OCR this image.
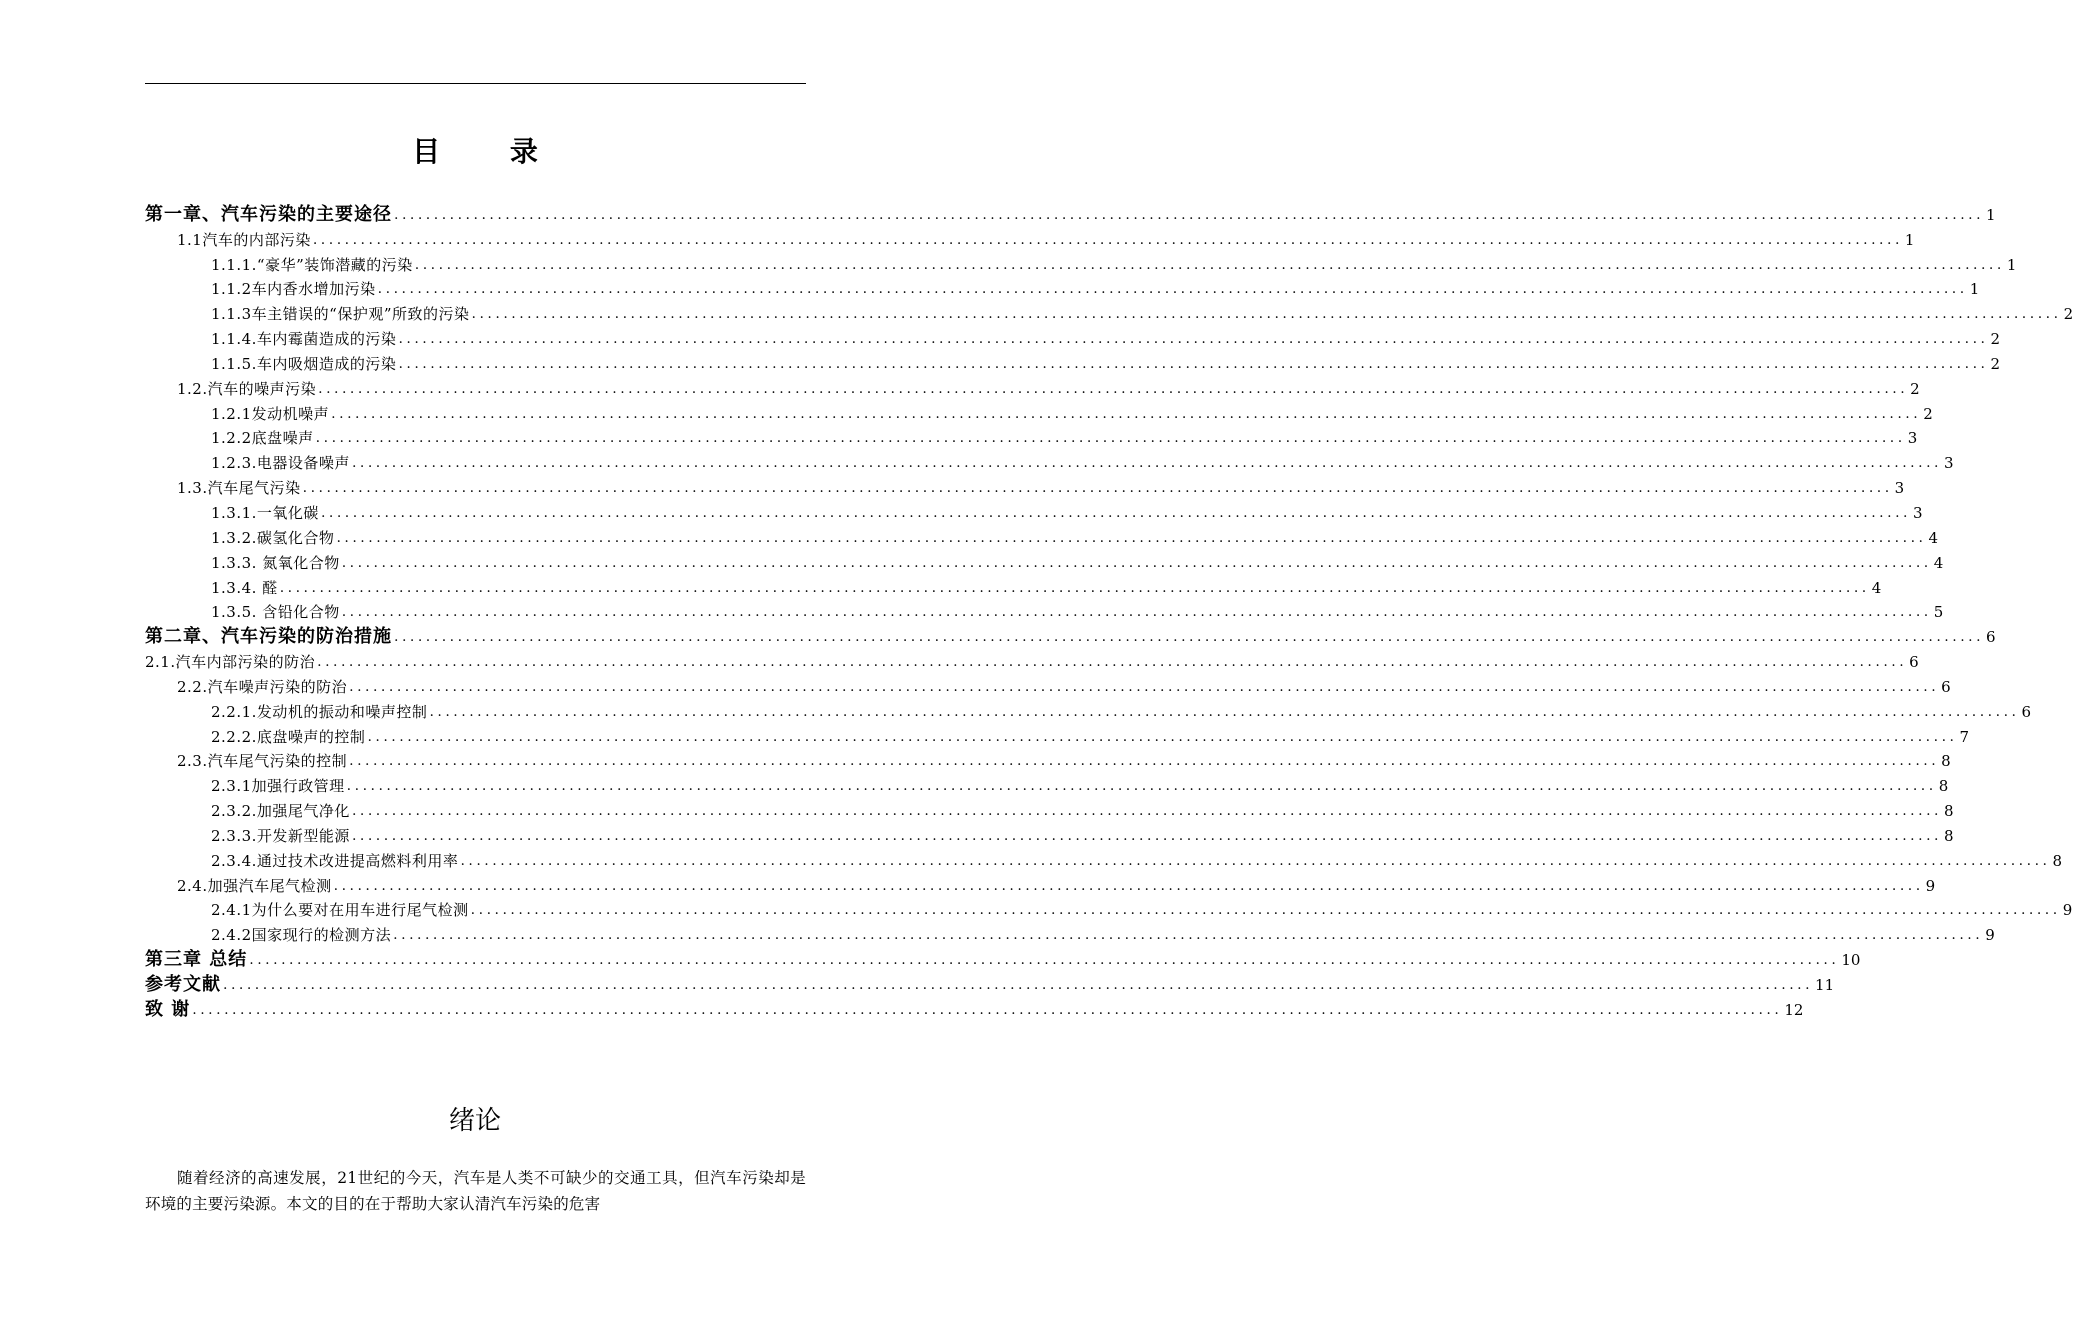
目 录
第一章、汽车污染的主要途径 ........................................................................................................................................................................................................ 1
1.1汽车的内部污染 ........................................................................................................................................................................................................ 1
1.1.1.“豪华”装饰潜藏的污染 ........................................................................................................................................................................................................ 1
1.1.2车内香水增加污染 ........................................................................................................................................................................................................ 1
1.1.3车主错误的“保护观”所致的污染 ........................................................................................................................................................................................................ 2
1.1.4.车内霉菌造成的污染 ........................................................................................................................................................................................................ 2
1.1.5.车内吸烟造成的污染 ........................................................................................................................................................................................................ 2
1.2.汽车的噪声污染 ........................................................................................................................................................................................................ 2
1.2.1发动机噪声 ........................................................................................................................................................................................................ 2
1.2.2底盘噪声 ........................................................................................................................................................................................................ 3
1.2.3.电器设备噪声 ........................................................................................................................................................................................................ 3
1.3.汽车尾气污染 ........................................................................................................................................................................................................ 3
1.3.1.一氧化碳 ........................................................................................................................................................................................................ 3
1.3.2.碳氢化合物 ........................................................................................................................................................................................................ 4
1.3.3. 氮氧化合物 ........................................................................................................................................................................................................ 4
1.3.4. 醛 ........................................................................................................................................................................................................ 4
1.3.5. 含铅化合物 ........................................................................................................................................................................................................ 5
第二章、汽车污染的防治措施 ........................................................................................................................................................................................................ 6
2.1.汽车内部污染的防治 ........................................................................................................................................................................................................ 6
2.2.汽车噪声污染的防治 ........................................................................................................................................................................................................ 6
2.2.1.发动机的振动和噪声控制 ........................................................................................................................................................................................................ 6
2.2.2.底盘噪声的控制 ........................................................................................................................................................................................................ 7
2.3.汽车尾气污染的控制 ........................................................................................................................................................................................................ 8
2.3.1加强行政管理 ........................................................................................................................................................................................................ 8
2.3.2.加强尾气净化 ........................................................................................................................................................................................................ 8
2.3.3.开发新型能源 ........................................................................................................................................................................................................ 8
2.3.4.通过技术改进提高燃料利用率 ........................................................................................................................................................................................................ 8
2.4.加强汽车尾气检测 ........................................................................................................................................................................................................ 9
2.4.1为什么要对在用车进行尾气检测 ........................................................................................................................................................................................................ 9
2.4.2国家现行的检测方法 ........................................................................................................................................................................................................ 9
第三章 总结 ........................................................................................................................................................................................................ 10
参考文献 ........................................................................................................................................................................................................ 11
致 谢 ........................................................................................................................................................................................................ 12
绪论
随着经济的高速发展，21世纪的今天，汽车是人类不可缺少的交通工具，但汽车污染却是环境的主要污染源。本文的目的在于帮助大家认清汽车污染的危害
